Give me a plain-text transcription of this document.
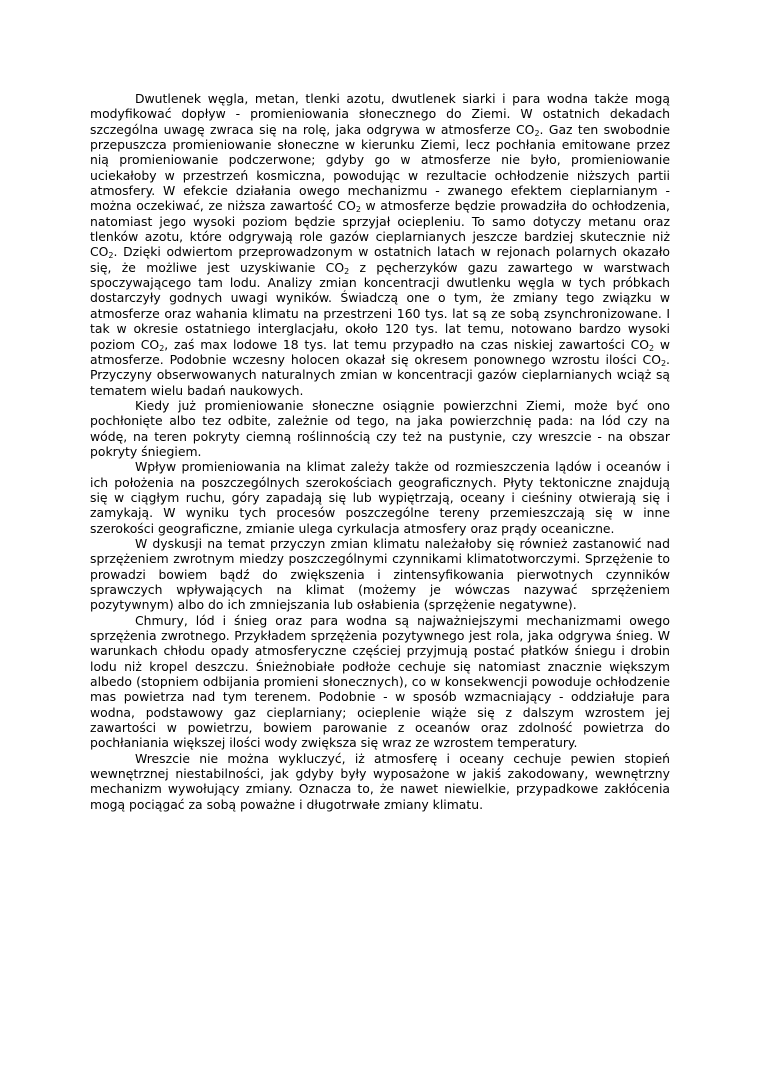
Dwutlenek węgla, metan, tlenki azotu, dwutlenek siarki i para wodna także mogą modyfikować dopływ - promieniowania słonecznego do Ziemi. W ostatnich dekadach szczególna uwagę zwraca się na rolę, jaka odgrywa w atmosferze $CO_2$. Gaz ten swobodnie przepuszcza promieniowanie słoneczne w kierunku Ziemi, lecz pochłania emitowane przez nią promieniowanie podczerwone; gdyby go w atmosferze nie było, promieniowanie uciekałoby w przestrzeń kosmiczna, powodując w rezultacie ochłodzenie niższych partii atmosfery. W efekcie działania owego mechanizmu - zwanego efektem cieplarnianym - można oczekiwać, ze niższa zawartość $CO_2$ w atmosferze będzie prowadziła do ochłodzenia, natomiast jego wysoki poziom będzie sprzyjał ociepleniu. To samo dotyczy metanu oraz tlenków azotu, które odgrywają role gazów cieplarnianych jeszcze bardziej skutecznie niż $CO_2$. Dzięki odwiertom przeprowadzonym w ostatnich latach w rejonach polarnych okazało się, że możliwe jest uzyskiwanie $CO_2$ z pęcherzyków gazu zawartego w warstwach spoczywającego tam lodu. Analizy zmian koncentracji dwutlenku węgla w tych próbkach dostarczyły godnych uwagi wyników. Świadczą one o tym, że zmiany tego związku w atmosferze oraz wahania klimatu na przestrzeni 160 tys. lat są ze sobą zsynchronizowane. I tak w okresie ostatniego interglacjału, około 120 tys. lat temu, notowano bardzo wysoki poziom $CO_2$, zaś max lodowe 18 tys. lat temu przypadło na czas niskiej zawartości $CO_2$ w atmosferze. Podobnie wczesny holocen okazał się okresem ponownego wzrostu ilości $CO_2$. Przyczyny obserwowanych naturalnych zmian w koncentracji gazów cieplarnianych wciąż są tematem wielu badań naukowych.

Kiedy już promieniowanie słoneczne osiągnie powierzchni Ziemi, może być ono pochłonięte albo tez odbite, zależnie od tego, na jaka powierzchnię pada: na lód czy na wódę, na teren pokryty ciemną roślinnością czy też na pustynie, czy wreszcie - na obszar pokryty śniegiem.

Wpływ promieniowania na klimat zależy także od rozmieszczenia lądów i oceanów i ich położenia na poszczególnych szerokościach geograficznych. Płyty tektoniczne znajdują się w ciągłym ruchu, góry zapadają się lub wypiętrzają, oceany i cieśniny otwierają się i zamykają. W wyniku tych procesów poszczególne tereny przemieszczają się w inne szerokości geograficzne, zmianie ulega cyrkulacja atmosfery oraz prądy oceaniczne.

W dyskusji na temat przyczyn zmian klimatu należałoby się również zastanowić nad sprzężeniem zwrotnym miedzy poszczególnymi czynnikami klimatotworczymi. Sprzężenie to prowadzi bowiem bądź do zwiększenia i zintensyfikowania pierwotnych czynników sprawczych wpływających na klimat (możemy je wówczas nazywać sprzężeniem pozytywnym) albo do ich zmniejszania lub osłabienia (sprzężenie negatywne).

Chmury, lód i śnieg oraz para wodna są najważniejszymi mechanizmami owego sprzężenia zwrotnego. Przykładem sprzężenia pozytywnego jest rola, jaka odgrywa śnieg. W warunkach chłodu opady atmosferyczne częściej przyjmują postać płatków śniegu i drobin lodu niż kropel deszczu. Śnieżnobiałe podłoże cechuje się natomiast znacznie większym albedo (stopniem odbijania promieni słonecznych), co w konsekwencji powoduje ochłodzenie mas powietrza nad tym terenem. Podobnie - w sposób wzmacniający - oddziałuje para wodna, podstawowy gaz cieplarniany; ocieplenie wiąże się z dalszym wzrostem jej zawartości w powietrzu, bowiem parowanie z oceanów oraz zdolność powietrza do pochłaniania większej ilości wody zwiększa się wraz ze wzrostem temperatury.

Wreszcie nie można wykluczyć, iż atmosferę i oceany cechuje pewien stopień wewnętrznej niestabilności, jak gdyby były wyposażone w jakiś zakodowany, wewnętrzny mechanizm wywołujący zmiany. Oznacza to, że nawet niewielkie, przypadkowe zakłócenia mogą pociągać za sobą poważne i długotrwałe zmiany klimatu.
